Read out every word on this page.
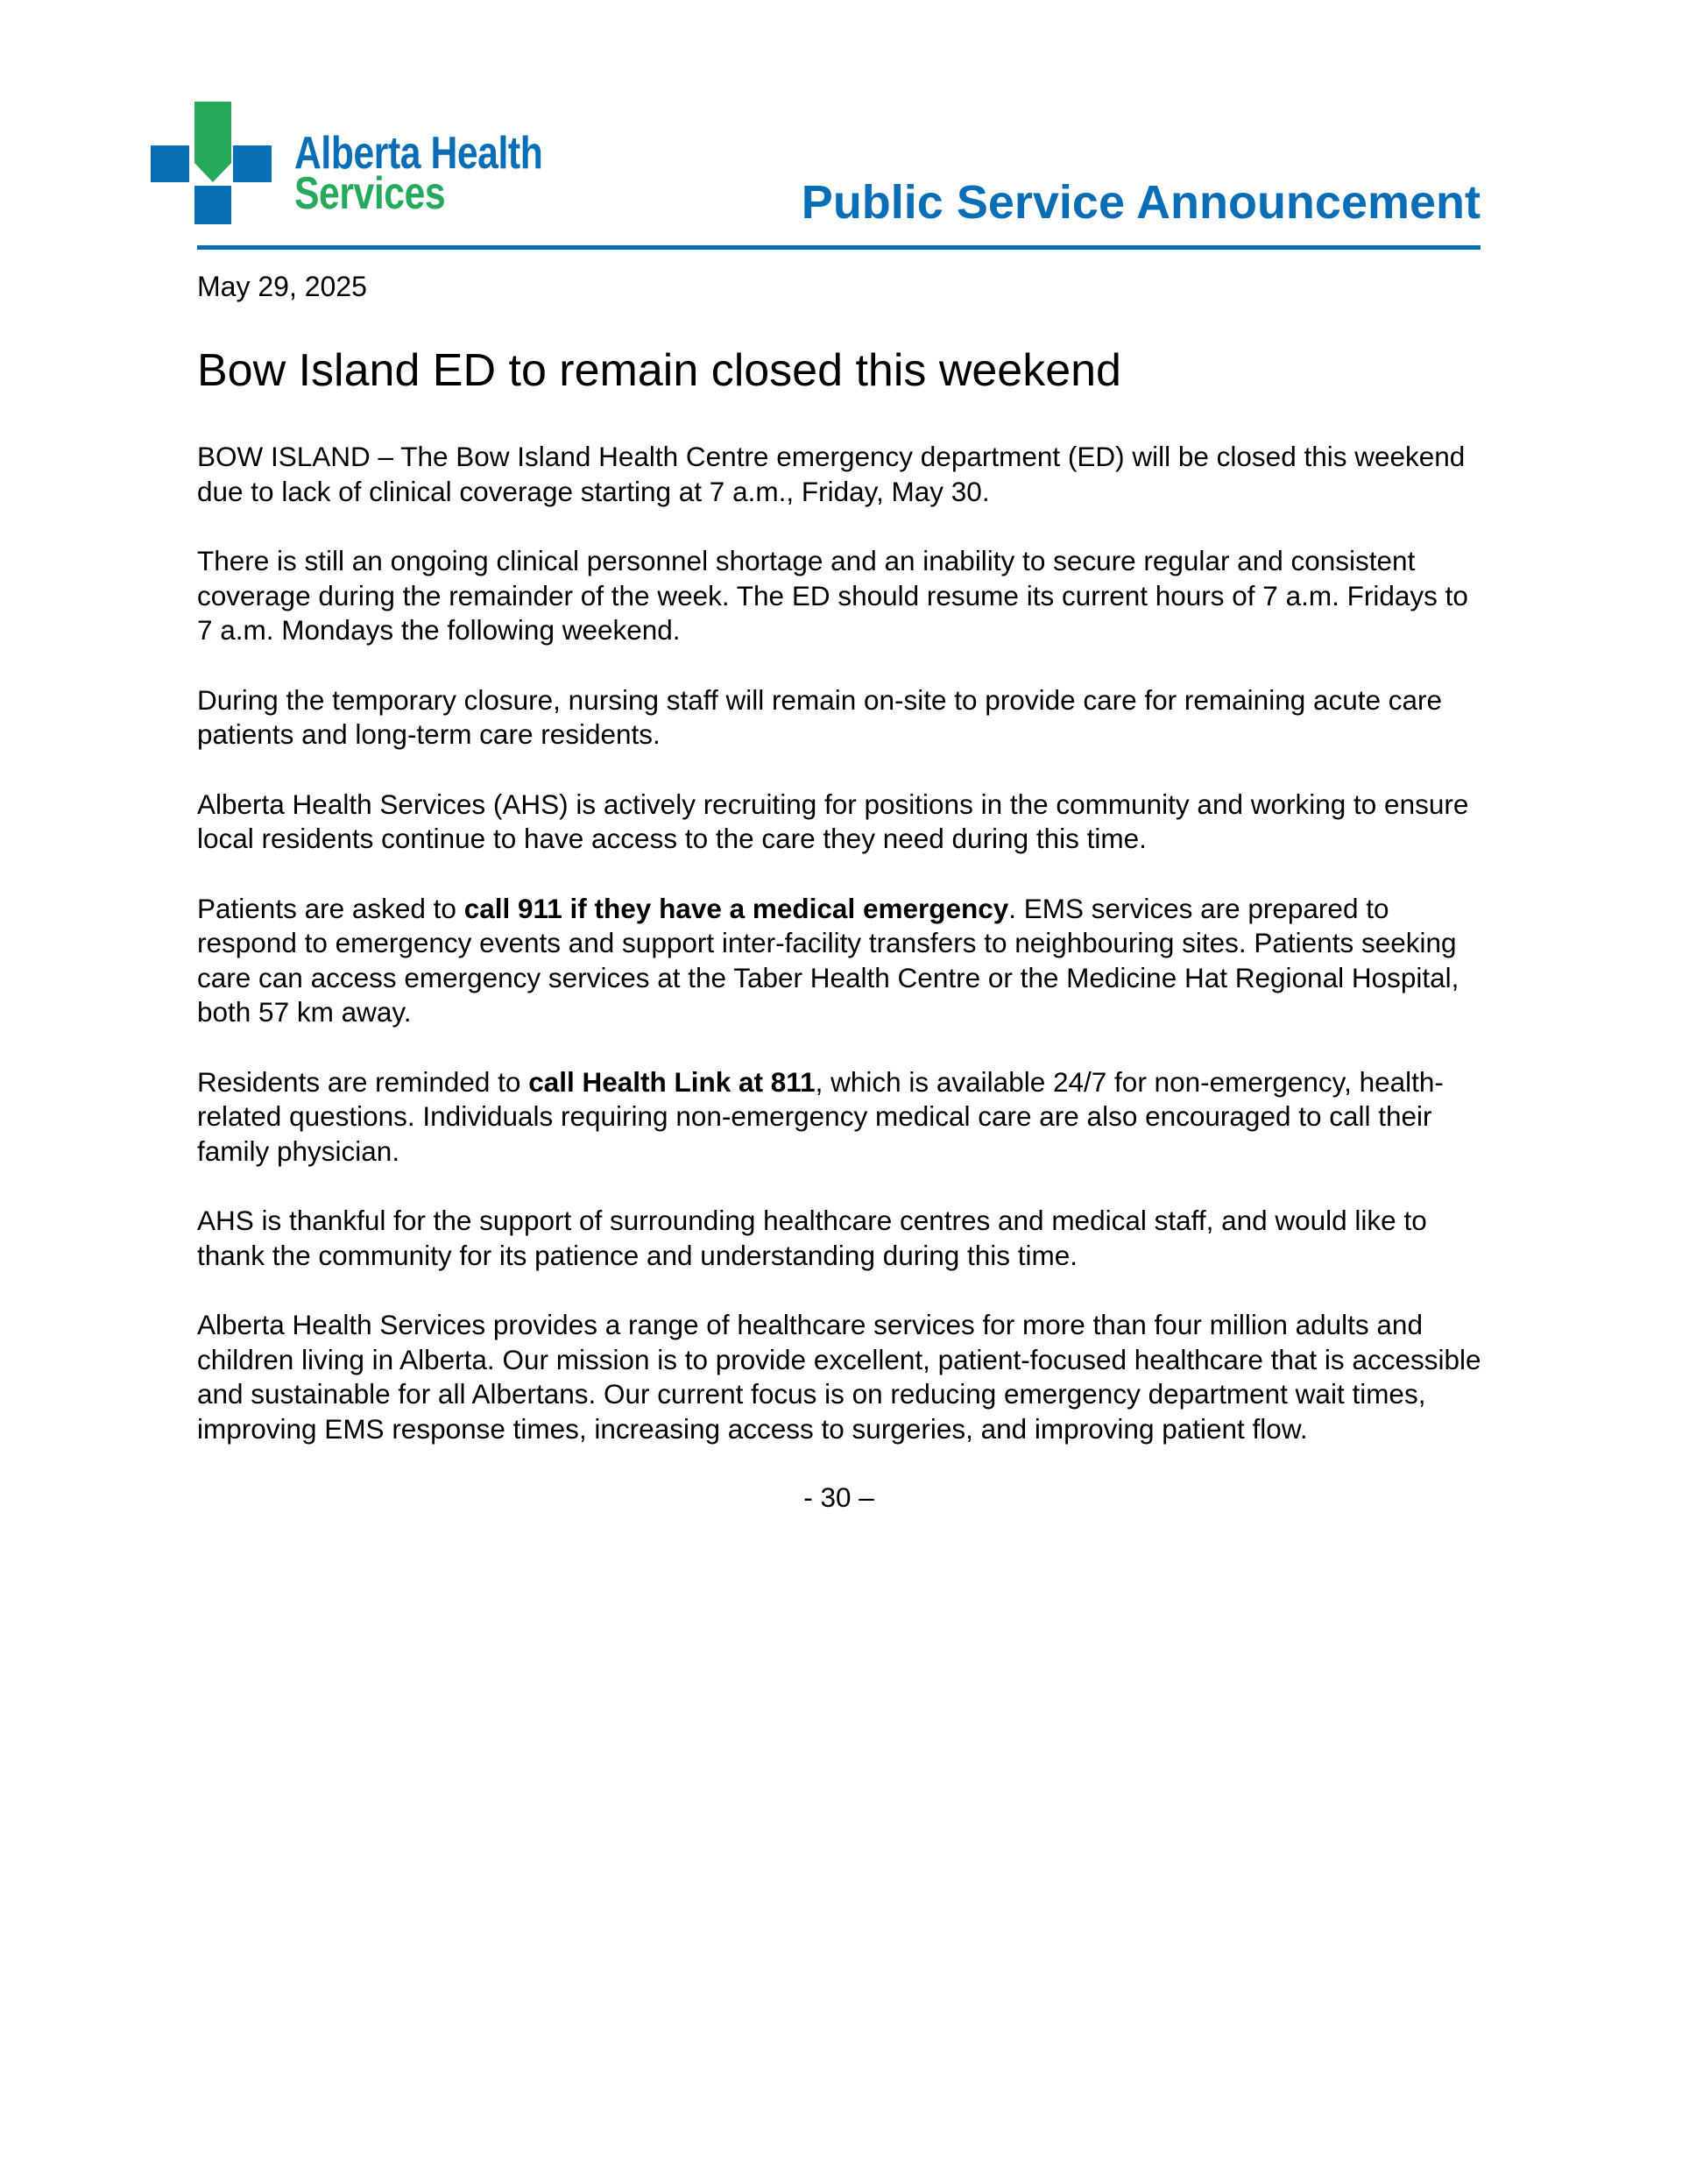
Alberta Health
Services	Public Service Announcement
May 29, 2025
Bow Island ED to remain closed this weekend

BOW ISLAND – The Bow Island Health Centre emergency department (ED) will be closed this weekend due to lack of clinical coverage starting at 7 a.m., Friday, May 30.

There is still an ongoing clinical personnel shortage and an inability to secure regular and consistent coverage during the remainder of the week. The ED should resume its current hours of 7 a.m. Fridays to 7 a.m. Mondays the following weekend.

During the temporary closure, nursing staff will remain on-site to provide care for remaining acute care patients and long-term care residents.

Alberta Health Services (AHS) is actively recruiting for positions in the community and working to ensure local residents continue to have access to the care they need during this time.

Patients are asked to call 911 if they have a medical emergency. EMS services are prepared to respond to emergency events and support inter-facility transfers to neighbouring sites. Patients seeking care can access emergency services at the Taber Health Centre or the Medicine Hat Regional Hospital, both 57 km away.

Residents are reminded to call Health Link at 811, which is available 24/7 for non-emergency, health-related questions. Individuals requiring non-emergency medical care are also encouraged to call their family physician.

AHS is thankful for the support of surrounding healthcare centres and medical staff, and would like to thank the community for its patience and understanding during this time.

Alberta Health Services provides a range of healthcare services for more than four million adults and children living in Alberta. Our mission is to provide excellent, patient-focused healthcare that is accessible and sustainable for all Albertans. Our current focus is on reducing emergency department wait times, improving EMS response times, increasing access to surgeries, and improving patient flow.

- 30 –
